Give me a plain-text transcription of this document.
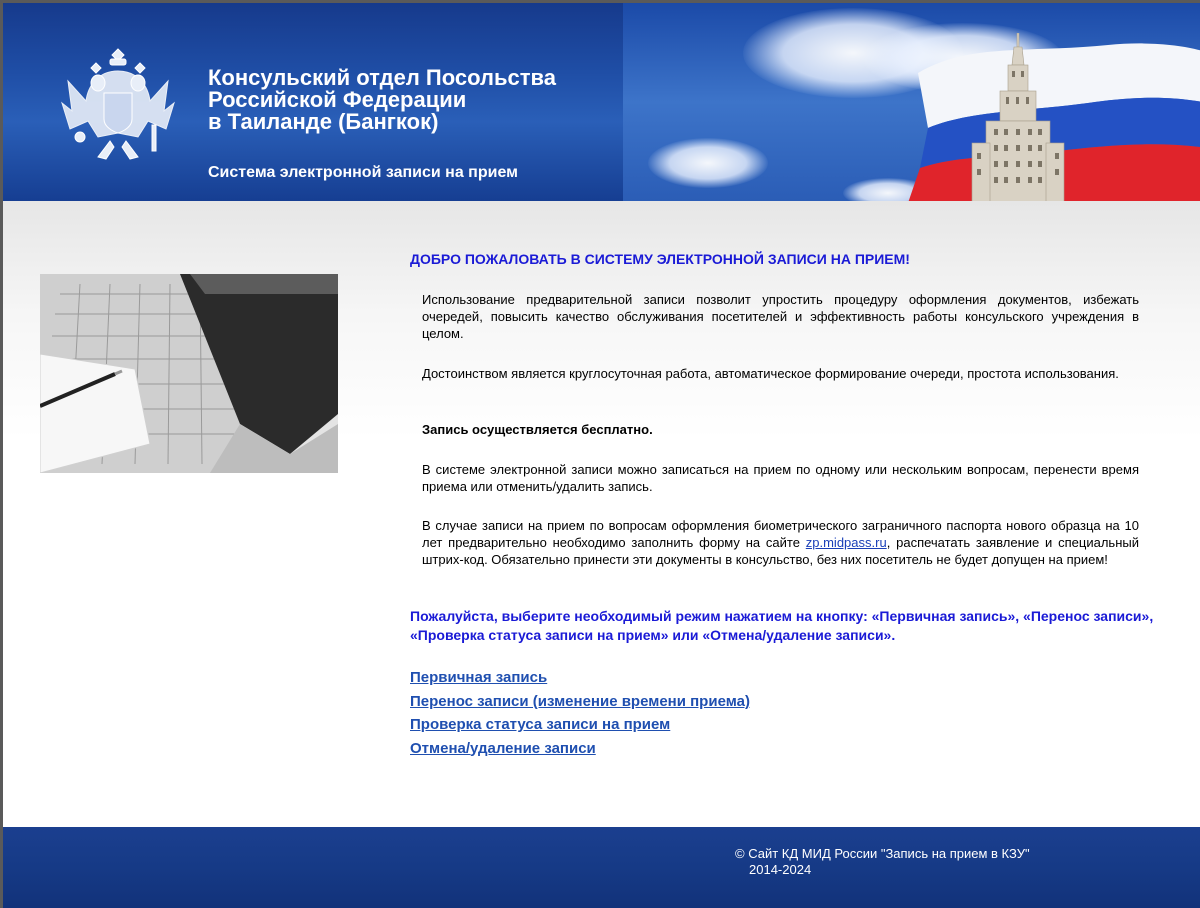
Консульский отдел Посольства
Российской Федерации
в Таиланде (Бангкок)
Система электронной записи на прием
ДОБРО ПОЖАЛОВАТЬ В СИСТЕМУ ЭЛЕКТРОННОЙ ЗАПИСИ НА ПРИЕМ!

Использование предварительной записи позволит упростить процедуру оформления документов, избежать очередей, повысить качество обслуживания посетителей и эффективность работы консульского учреждения в целом.

Достоинством является круглосуточная работа, автоматическое формирование очереди, простота использования.

Запись осуществляется бесплатно.

В системе электронной записи можно записаться на прием по одному или нескольким вопросам, перенести время приема или отменить/удалить запись.

В случае записи на прием по вопросам оформления биометрического заграничного паспорта нового образца на 10 лет предварительно необходимо заполнить форму на сайте zp.midpass.ru, распечатать заявление и специальный штрих-код. Обязательно принести эти документы в консульство, без них посетитель не будет допущен на прием!

Пожалуйста, выберите необходимый режим нажатием на кнопку: «Первичная запись», «Перенос записи», «Проверка статуса записи на прием» или «Отмена/удаление записи».
Первичная запись
Перенос записи (изменение времени приема)
Проверка статуса записи на прием
Отмена/удаление записи
© Сайт КД МИД России "Запись на прием в КЗУ"
2014-2024
